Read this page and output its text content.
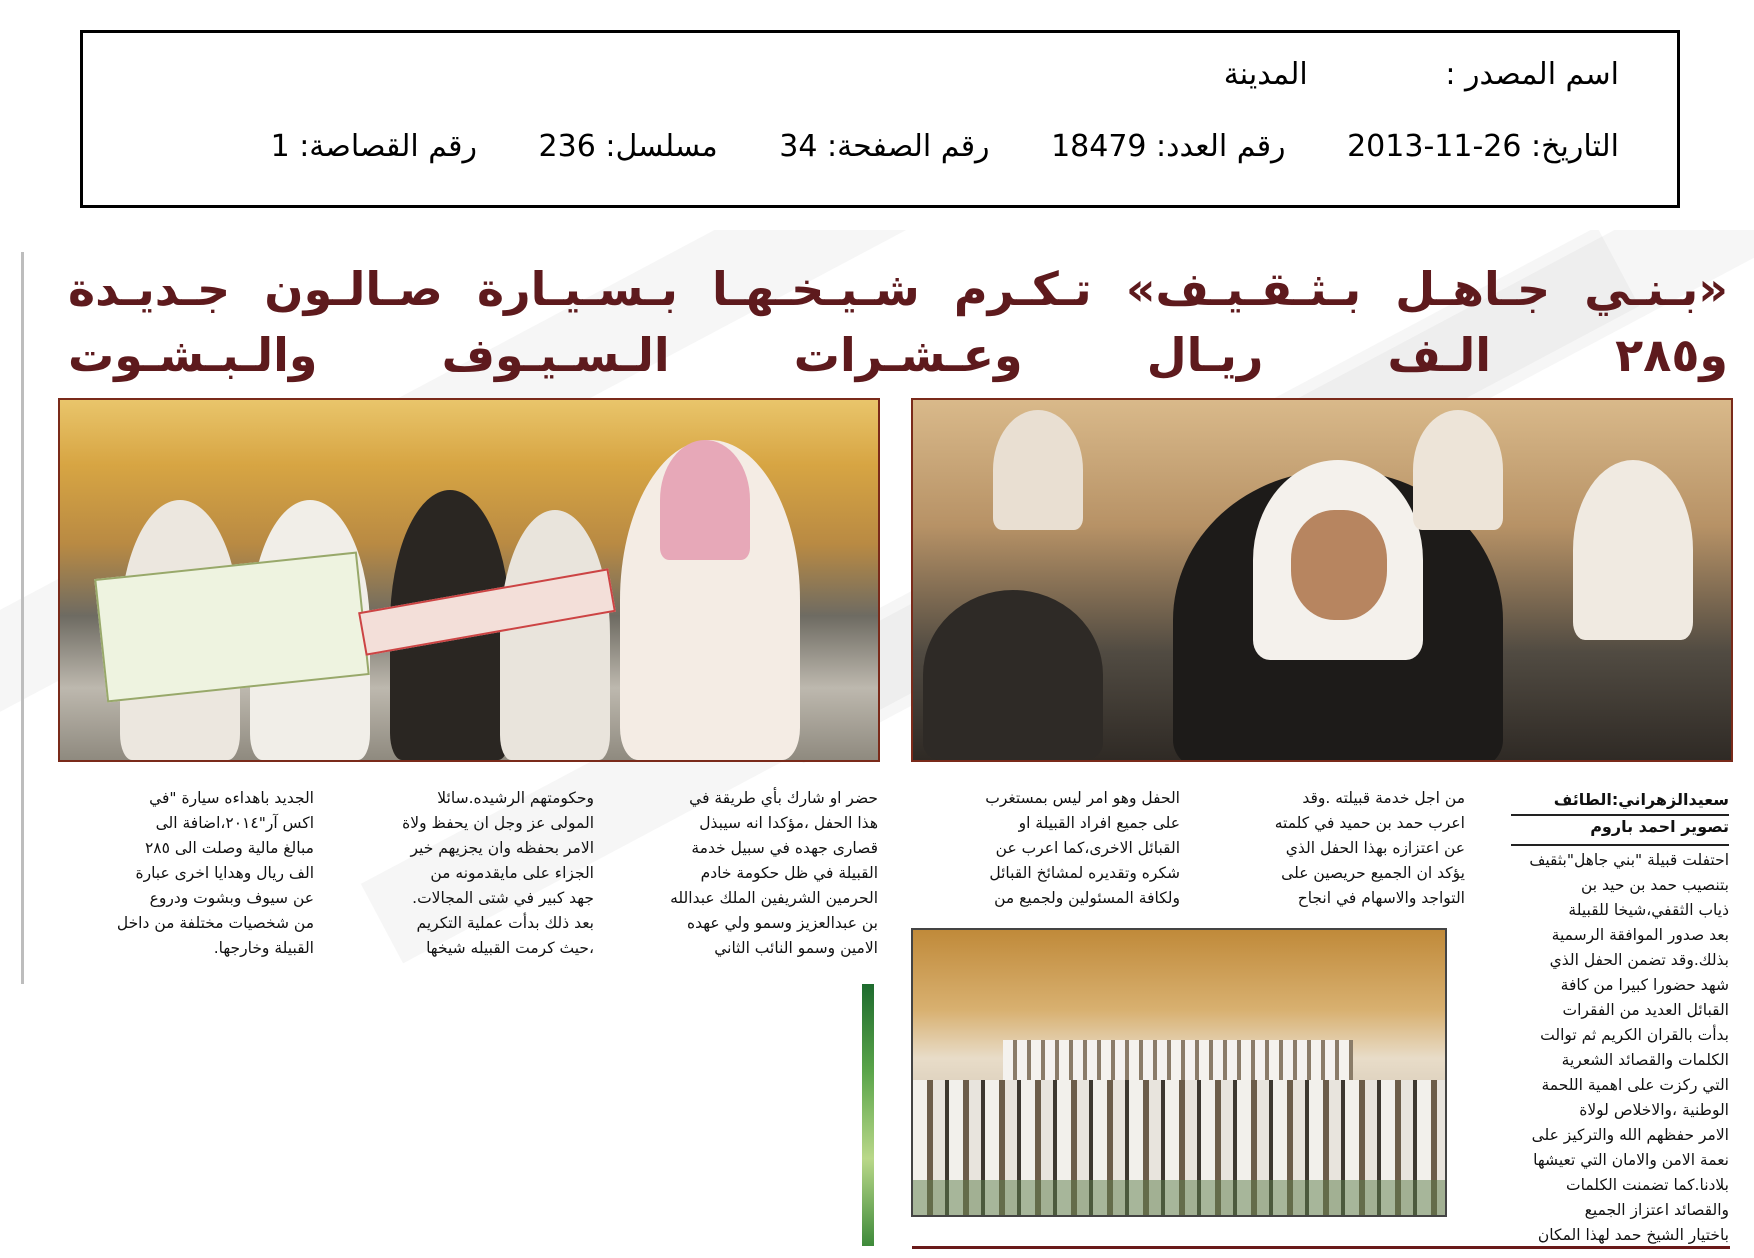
اسم المصدر : المدينة
التاريخ: 26-11-2013 رقم العدد: 18479 رقم الصفحة: 34 مسلسل: 236 رقم القصاصة: 1
«بـنـي جـاهـل بـثـقـيـف» تـكـرم شـيـخـهـا بـسـيـارة صـالـون جـديـدة
و٢٨٥ الـف ريـال وعـشـرات الـسـيـوف والـبـشـوت
سعيدالزهراني:الطائف
تصوير احمد باروم
احتفلت قبيلة "بني جاهل"بثقيف
بتنصيب حمد بن حيد بن
ذياب الثقفي،شيخا للقبيلة
بعد صدور الموافقة الرسمية
بذلك.وقد تضمن الحفل الذي
شهد حضورا كبيرا من كافة
القبائل العديد من الفقرات
بدأت بالقران الكريم ثم توالت
الكلمات والقصائد الشعرية
التي ركزت على اهمية اللحمة
الوطنية ،والاخلاص لولاة
الامر حفظهم الله والتركيز على
نعمة الامن والامان التي تعيشها
بلادنا.كما تضمنت الكلمات
والقصائد اعتزاز الجميع
باختيار الشيخ حمد لهذا المكان
من اجل خدمة قبيلته .وقد
اعرب حمد بن حميد في كلمته
عن اعتزازه بهذا الحفل الذي
يؤكد ان الجميع حريصين على
التواجد والاسهام في انجاح
الحفل وهو امر ليس بمستغرب
على جميع افراد القبيلة او
القبائل الاخرى،كما اعرب عن
شكره وتقديره لمشائخ القبائل
ولكافة المسئولين ولجميع من
حضر او شارك بأي طريقة في
هذا الحفل ،مؤكدا انه سيبذل
قصارى جهده في سبيل خدمة
القبيلة في ظل حكومة خادم
الحرمين الشريفين الملك عبدالله
بن عبدالعزيز وسمو ولي عهده
الامين وسمو النائب الثاني
وحكومتهم الرشيده.سائلا
المولى عز وجل ان يحفظ ولاة
الامر بحفظه وان يجزيهم خير
الجزاء على مايقدمونه من
جهد كبير في شتى المجالات.
بعد ذلك بدأت عملية التكريم
،حيث كرمت القبيله شيخها
الجديد باهداءه سيارة "في
اكس آر"٢٠١٤،اضافة الى
مبالغ مالية وصلت الى ٢٨٥
الف ريال وهدايا اخرى عبارة
عن سيوف وبشوت ودروع
من شخصيات مختلفة من داخل
القبيلة وخارجها.
